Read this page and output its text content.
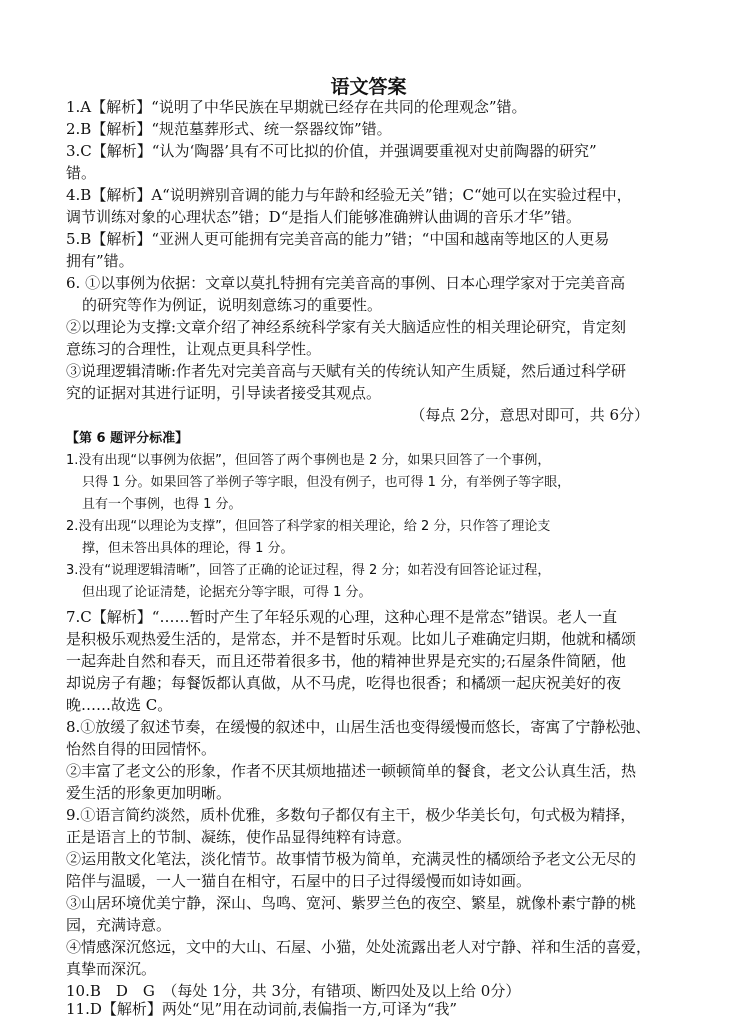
语文答案
1.A【解析】“说明了中华民族在早期就已经存在共同的伦理观念”错。
2.B【解析】“规范墓葬形式、统一祭器纹饰”错。
3.C【解析】“认为‘陶器’具有不可比拟的价值，并强调要重视对史前陶器的研究”
错。
4.B【解析】A“说明辨别音调的能力与年龄和经验无关”错；C“她可以在实验过程中，
调节训练对象的心理状态”错；D“是指人们能够准确辨认曲调的音乐才华”错。
5.B【解析】“亚洲人更可能拥有完美音高的能力”错；“中国和越南等地区的人更易
拥有”错。
6. ①以事例为依据：文章以莫扎特拥有完美音高的事例、日本心理学家对于完美音高
的研究等作为例证，说明刻意练习的重要性。
②以理论为支撑:文章介绍了神经系统科学家有关大脑适应性的相关理论研究，肯定刻
意练习的合理性，让观点更具科学性。
③说理逻辑清晰:作者先对完美音高与天赋有关的传统认知产生质疑，然后通过科学研
究的证据对其进行证明，引导读者接受其观点。
（每点 2分，意思对即可，共 6分）
【第 6 题评分标准】
1.没有出现“以事例为依据”，但回答了两个事例也是 2 分，如果只回答了一个事例，
只得 1 分。如果回答了举例子等字眼，但没有例子，也可得 1 分，有举例子等字眼，
且有一个事例，也得 1 分。
2.没有出现“以理论为支撑”，但回答了科学家的相关理论，给 2 分，只作答了理论支
撑，但未答出具体的理论，得 1 分。
3.没有“说理逻辑清晰”，回答了正确的论证过程，得 2 分；如若没有回答论证过程，
但出现了论证清楚，论据充分等字眼，可得 1 分。
7.C【解析】“……暂时产生了年轻乐观的心理，这种心理不是常态”错误。老人一直
是积极乐观热爱生活的，是常态，并不是暂时乐观。比如儿子难确定归期，他就和橘颂
一起奔赴自然和春天，而且还带着很多书，他的精神世界是充实的;石屋条件简陋，他
却说房子有趣；每餐饭都认真做，从不马虎，吃得也很香；和橘颂一起庆祝美好的夜
晚……故选 C。
8.①放缓了叙述节奏，在缓慢的叙述中，山居生活也变得缓慢而悠长，寄寓了宁静松弛、
怡然自得的田园情怀。
②丰富了老文公的形象，作者不厌其烦地描述一顿顿简单的餐食，老文公认真生活，热
爱生活的形象更加明晰。
9.①语言简约淡然，质朴优雅，多数句子都仅有主干，极少华美长句，句式极为精择，
正是语言上的节制、凝练，使作品显得纯粹有诗意。
②运用散文化笔法，淡化情节。故事情节极为简单，充满灵性的橘颂给予老文公无尽的
陪伴与温暖，一人一猫自在相守，石屋中的日子过得缓慢而如诗如画。
③山居环境优美宁静，深山、鸟鸣、宽河、紫罗兰色的夜空、繁星，就像朴素宁静的桃
园，充满诗意。
④情感深沉悠远，文中的大山、石屋、小猫，处处流露出老人对宁静、祥和生活的喜爱，
真挚而深沉。
10.B　D　G　（每处 1分，共 3分，有错项、断四处及以上给 0分）
11.D【解析】两处“见”用在动词前,表偏指一方,可译为“我”
